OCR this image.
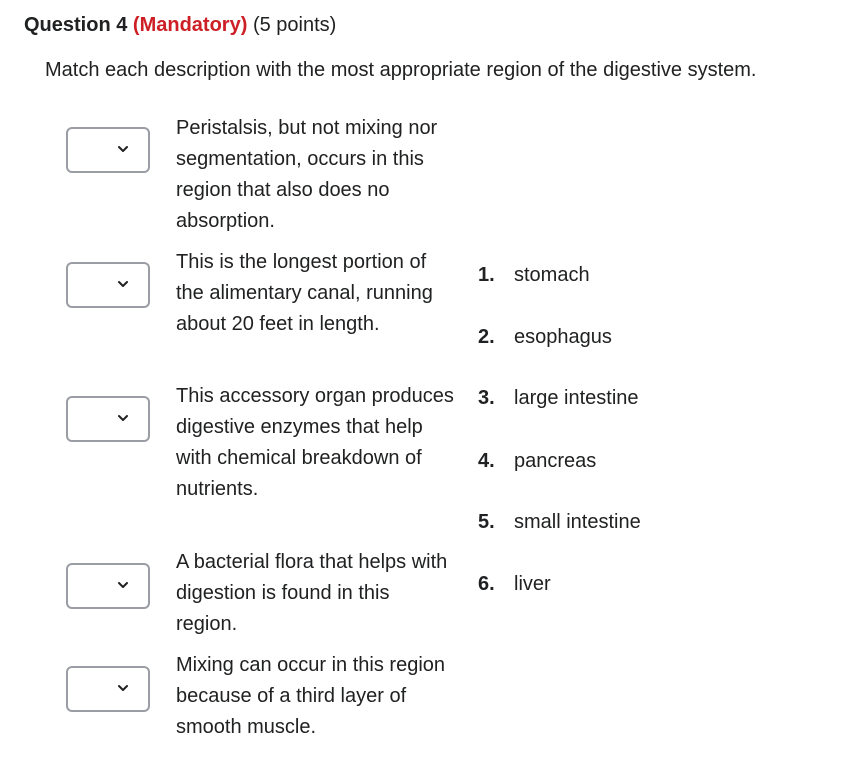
Question 4 (Mandatory) (5 points)
Match each description with the most appropriate region of the digestive system.
Peristalsis, but not mixing nor segmentation, occurs in this region that also does no absorption.
This is the longest portion of the alimentary canal, running about 20 feet in length.
This accessory organ produces digestive enzymes that help with chemical breakdown of nutrients.
A bacterial flora that helps with digestion is found in this region.
Mixing can occur in this region because of a third layer of smooth muscle.
1. stomach
2. esophagus
3. large intestine
4. pancreas
5. small intestine
6. liver
